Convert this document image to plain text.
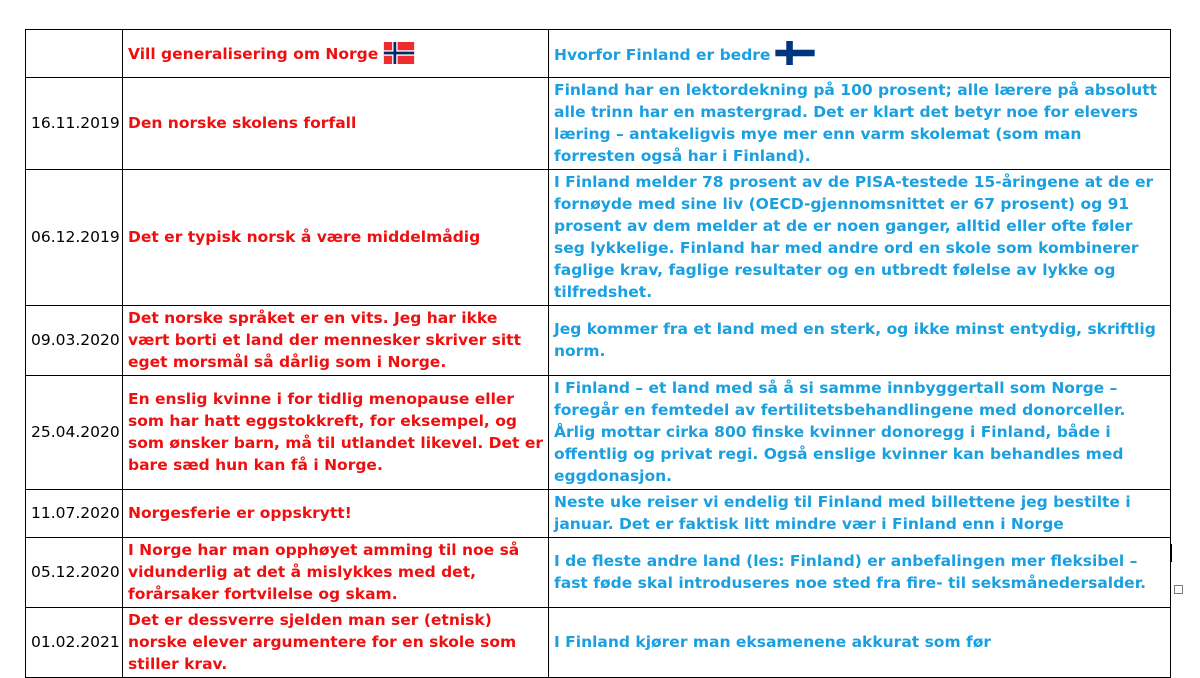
	Vill generalisering om Norge	Hvorfor Finland er bedre
16.11.2019	Den norske skolens forfall	Finland har en lektordekning på 100 prosent; alle lærere på absolutt alle trinn har en mastergrad. Det er klart det betyr noe for elevers læring – antakeligvis mye mer enn varm skolemat (som man forresten også har i Finland).
06.12.2019	Det er typisk norsk å være middelmådig	I Finland melder 78 prosent av de PISA-testede 15-åringene at de er fornøyde med sine liv (OECD-gjennomsnittet er 67 prosent) og 91 prosent av dem melder at de er noen ganger, alltid eller ofte føler seg lykkelige. Finland har med andre ord en skole som kombinerer faglige krav, faglige resultater og en utbredt følelse av lykke og tilfredshet.
09.03.2020	Det norske språket er en vits. Jeg har ikke vært borti et land der mennesker skriver sitt eget morsmål så dårlig som i Norge.	Jeg kommer fra et land med en sterk, og ikke minst entydig, skriftlig norm.
25.04.2020	En enslig kvinne i for tidlig menopause eller som har hatt eggstokkreft, for eksempel, og som ønsker barn, må til utlandet likevel. Det er bare sæd hun kan få i Norge.	I Finland – et land med så å si samme innbyggertall som Norge – foregår en femtedel av fertilitetsbehandlingene med donorceller. Årlig mottar cirka 800 finske kvinner donoregg i Finland, både i offentlig og privat regi. Også enslige kvinner kan behandles med eggdonasjon.
11.07.2020	Norgesferie er oppskrytt!	Neste uke reiser vi endelig til Finland med billettene jeg bestilte i januar. Det er faktisk litt mindre vær i Finland enn i Norge
05.12.2020	I Norge har man opphøyet amming til noe så vidunderlig at det å mislykkes med det, forårsaker fortvilelse og skam.	I de fleste andre land (les: Finland) er anbefalingen mer fleksibel – fast føde skal introduseres noe sted fra fire- til seksmånedersalder.
01.02.2021	Det er dessverre sjelden man ser (etnisk) norske elever argumentere for en skole som stiller krav.	I Finland kjører man eksamenene akkurat som før
